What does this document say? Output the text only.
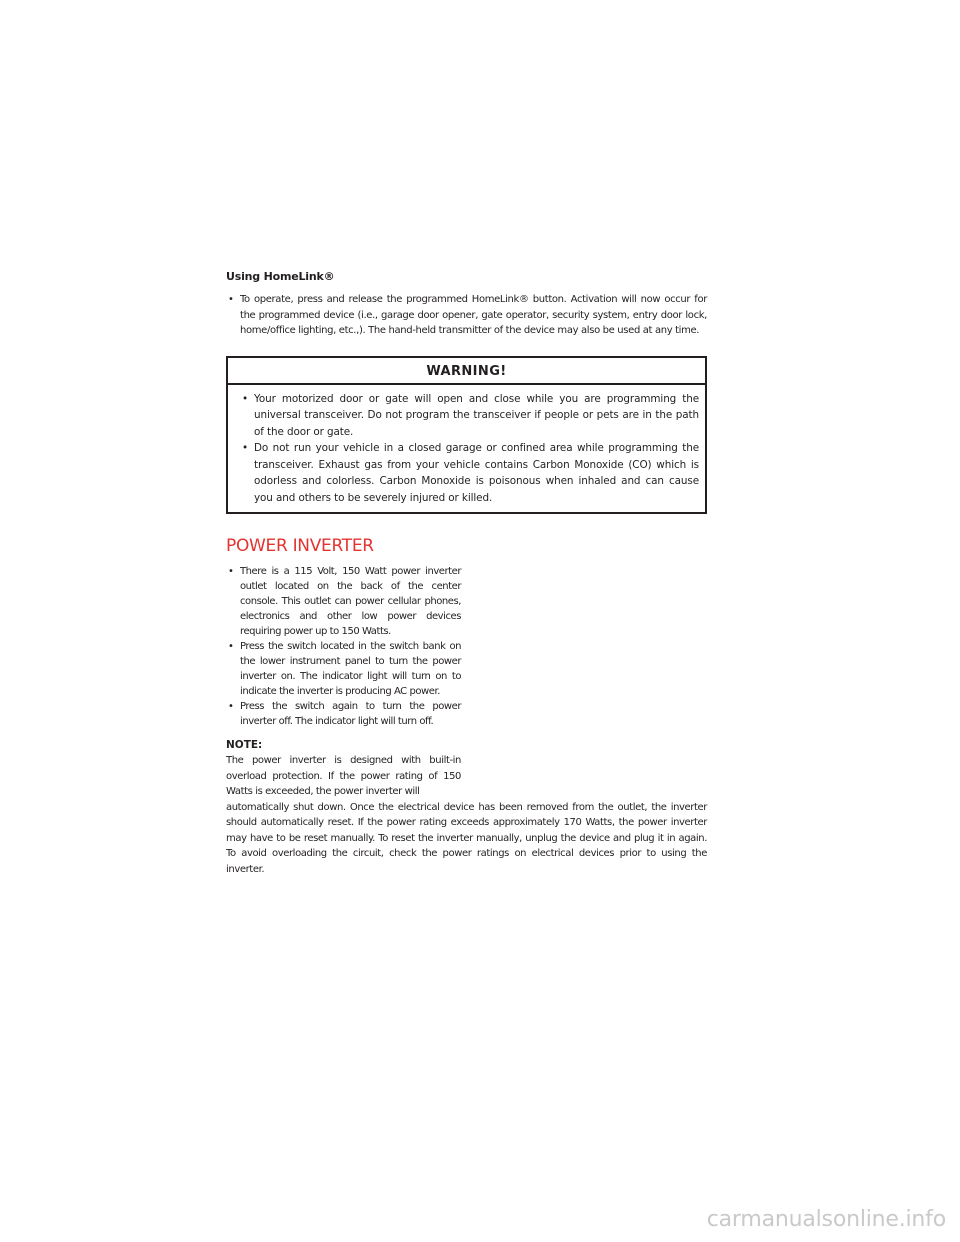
Using HomeLink®
• To operate, press and release the programmed HomeLink® button. Activation will now occur for the programmed device (i.e., garage door opener, gate operator, security system, entry door lock, home/office lighting, etc.,). The hand-held transmitter of the device may also be used at any time.
WARNING!
• Your motorized door or gate will open and close while you are programming the universal transceiver. Do not program the transceiver if people or pets are in the path of the door or gate.
• Do not run your vehicle in a closed garage or confined area while programming the transceiver. Exhaust gas from your vehicle contains Carbon Monoxide (CO) which is odorless and colorless. Carbon Monoxide is poisonous when inhaled and can cause you and others to be severely injured or killed.
POWER INVERTER
• There is a 115 Volt, 150 Watt power inverter outlet located on the back of the center console. This outlet can power cellular phones, electronics and other low power devices requiring power up to 150 Watts.
• Press the switch located in the switch bank on the lower instrument panel to turn the power inverter on. The indicator light will turn on to indicate the inverter is producing AC power.
• Press the switch again to turn the power inverter off. The indicator light will turn off.
NOTE:

The power inverter is designed with built-in overload protection. If the power rating of 150 Watts is exceeded, the power inverter will

automatically shut down. Once the electrical device has been removed from the outlet, the inverter should automatically reset. If the power rating exceeds approximately 170 Watts, the power inverter may have to be reset manually. To reset the inverter manually, unplug the device and plug it in again. To avoid overloading the circuit, check the power ratings on electrical devices prior to using the inverter.

carmanualsonline.info
